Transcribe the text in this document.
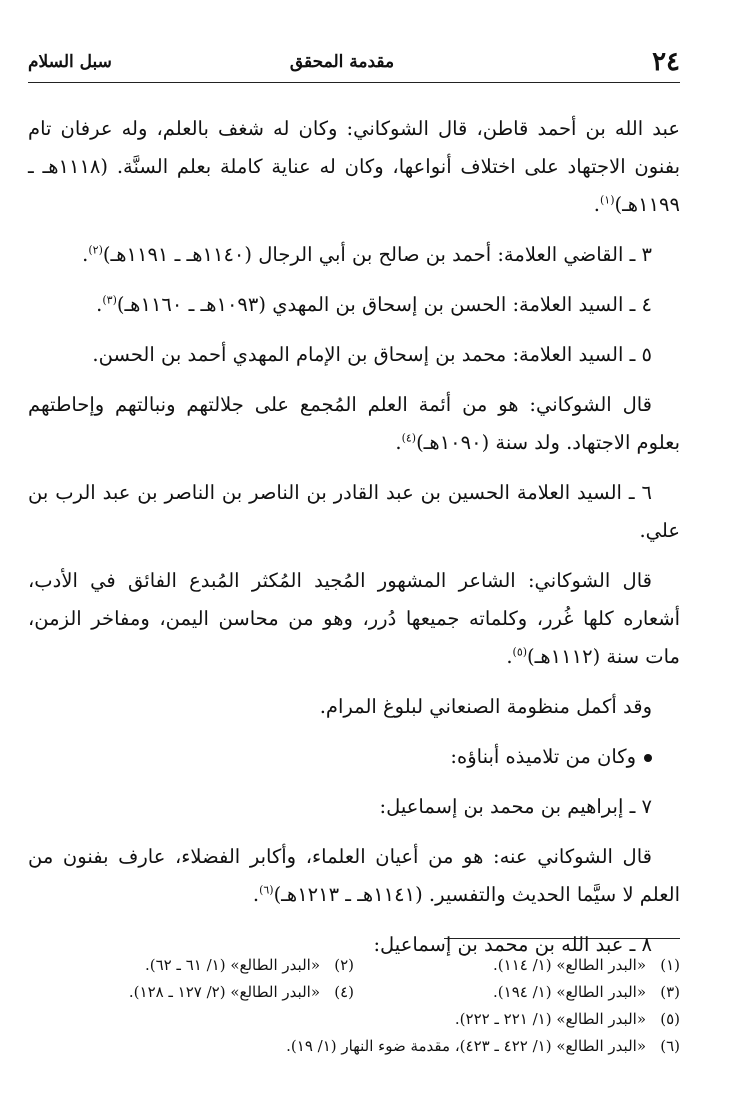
٢٤
مقدمة المحقق
سبل السلام

عبد الله بن أحمد قاطن، قال الشوكاني: وكان له شغف بالعلم، وله عرفان تام بفنون الاجتهاد على اختلاف أنواعها، وكان له عناية كاملة بعلم السنَّة. (١١١٨هـ ـ ١١٩٩هـ)$^{(١)}$.

٣ ـ القاضي العلامة: أحمد بن صالح بن أبي الرجال (١١٤٠هـ ـ ١١٩١هـ)$^{(٢)}$.

٤ ـ السيد العلامة: الحسن بن إسحاق بن المهدي (١٠٩٣هـ ـ ١١٦٠هـ)$^{(٣)}$.

٥ ـ السيد العلامة: محمد بن إسحاق بن الإمام المهدي أحمد بن الحسن.

قال الشوكاني: هو من أئمة العلم المُجمع على جلالتهم ونبالتهم وإحاطتهم بعلوم الاجتهاد. ولد سنة (١٠٩٠هـ)$^{(٤)}$.

٦ ـ السيد العلامة الحسين بن عبد القادر بن الناصر بن الناصر بن عبد الرب بن علي.

قال الشوكاني: الشاعر المشهور المُجيد المُكثر المُبدع الفائق في الأدب، أشعاره كلها غُرر، وكلماته جميعها دُرر، وهو من محاسن اليمن، ومفاخر الزمن، مات سنة (١١١٢هـ)$^{(٥)}$.

وقد أكمل منظومة الصنعاني لبلوغ المرام.

وكان من تلاميذه أبناؤه:

٧ ـ إبراهيم بن محمد بن إسماعيل:

قال الشوكاني عنه: هو من أعيان العلماء، وأكابر الفضلاء، عارف بفنون من العلم لا سيَّما الحديث والتفسير. (١١٤١هـ ـ ١٢١٣هـ)$^{(٦)}$.

٨ ـ عبد الله بن محمد بن إسماعيل:

(١)«البدر الطالع» (١/ ١١٤).
(٢)«البدر الطالع» (١/ ٦١ ـ ٦٢).
(٣)«البدر الطالع» (١/ ١٩٤).
(٤)«البدر الطالع» (٢/ ١٢٧ ـ ١٢٨).
(٥)«البدر الطالع» (١/ ٢٢١ ـ ٢٢٢).
(٦)«البدر الطالع» (١/ ٤٢٢ ـ ٤٢٣)، مقدمة ضوء النهار (١/ ١٩).
